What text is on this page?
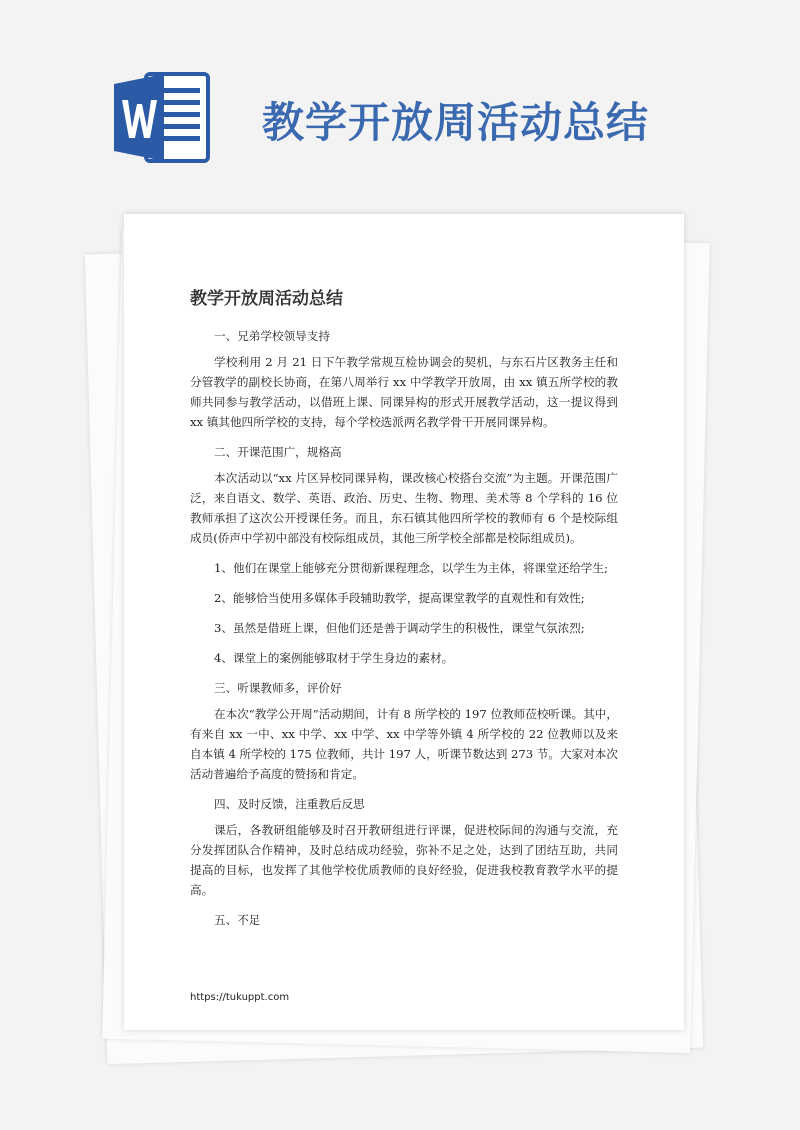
教学开放周活动总结
教学开放周活动总结
一、兄弟学校领导支持
学校利用 2 月 21 日下午教学常规互检协调会的契机，与东石片区教务主任和分管教学的副校长协商，在第八周举行 xx 中学教学开放周，由 xx 镇五所学校的教师共同参与教学活动，以借班上课、同课异构的形式开展教学活动，这一提议得到 xx 镇其他四所学校的支持，每个学校选派两名教学骨干开展同课异构。
二、开课范围广，规格高
本次活动以“xx 片区异校同课异构，课改核心校搭台交流”为主题。开课范围广泛，来自语文、数学、英语、政治、历史、生物、物理、美术等 8 个学科的 16 位教师承担了这次公开授课任务。而且，东石镇其他四所学校的教师有 6 个是校际组成员(侨声中学初中部没有校际组成员，其他三所学校全部都是校际组成员)。
1、他们在课堂上能够充分贯彻新课程理念，以学生为主体，将课堂还给学生;
2、能够恰当使用多媒体手段辅助教学，提高课堂教学的直观性和有效性;
3、虽然是借班上课，但他们还是善于调动学生的积极性，课堂气氛浓烈;
4、课堂上的案例能够取材于学生身边的素材。
三、听课教师多，评价好
在本次“教学公开周”活动期间，计有 8 所学校的 197 位教师莅校听课。其中，有来自 xx 一中、xx 中学、xx 中学、xx 中学等外镇 4 所学校的 22 位教师以及来自本镇 4 所学校的 175 位教师，共计 197 人，听课节数达到 273 节。大家对本次活动普遍给予高度的赞扬和肯定。
四、及时反馈，注重教后反思
课后，各教研组能够及时召开教研组进行评课，促进校际间的沟通与交流，充分发挥团队合作精神，及时总结成功经验，弥补不足之处，达到了团结互助，共同提高的目标，也发挥了其他学校优质教师的良好经验，促进我校教育教学水平的提高。
五、不足
https://tukuppt.com
